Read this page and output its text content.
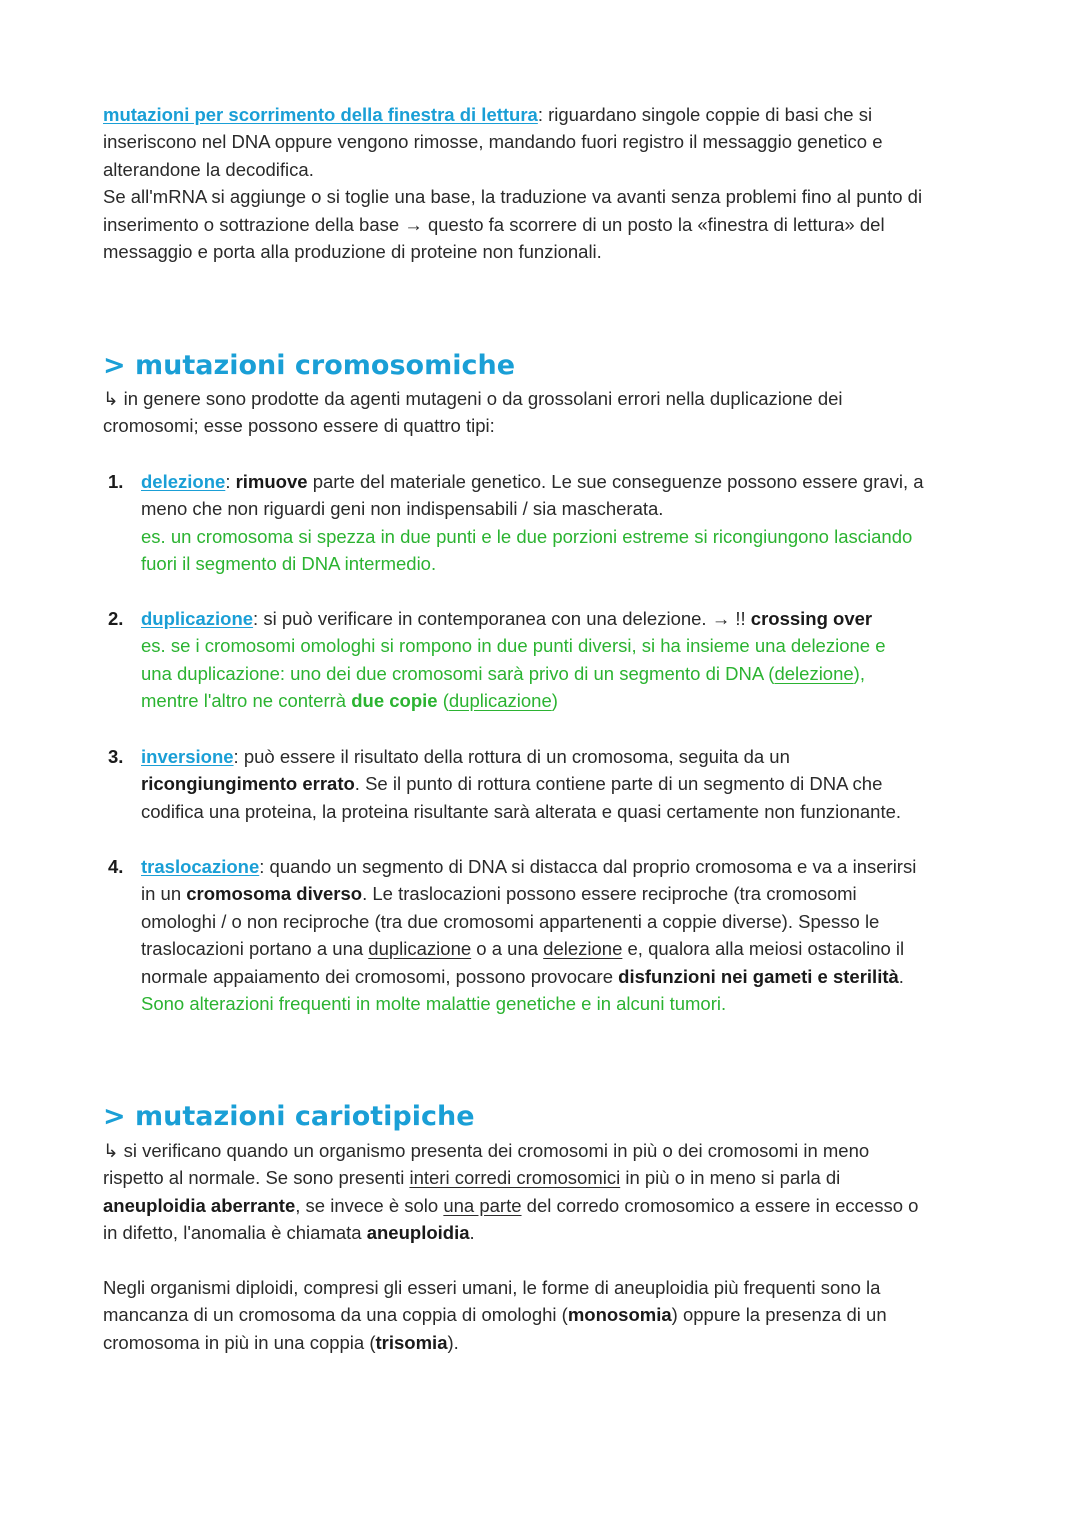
mutazioni per scorrimento della finestra di lettura: riguardano singole coppie di basi che si
inseriscono nel DNA oppure vengono rimosse, mandando fuori registro il messaggio genetico e
alterandone la decodifica.
Se all'mRNA si aggiunge o si toglie una base, la traduzione va avanti senza problemi fino al punto di
inserimento o sottrazione della base → questo fa scorrere di un posto la «finestra di lettura» del
messaggio e porta alla produzione di proteine non funzionali.
> mutazioni cromosomiche
↳ in genere sono prodotte da agenti mutageni o da grossolani errori nella duplicazione dei
cromosomi; esse possono essere di quattro tipi:
1. delezione: rimuove parte del materiale genetico. Le sue conseguenze possono essere gravi, a
meno che non riguardi geni non indispensabili / sia mascherata.
es. un cromosoma si spezza in due punti e le due porzioni estreme si ricongiungono lasciando
fuori il segmento di DNA intermedio.
2. duplicazione: si può verificare in contemporanea con una delezione. → !! crossing over
es. se i cromosomi omologhi si rompono in due punti diversi, si ha insieme una delezione e
una duplicazione: uno dei due cromosomi sarà privo di un segmento di DNA (delezione),
mentre l'altro ne conterrà due copie (duplicazione)
3. inversione: può essere il risultato della rottura di un cromosoma, seguita da un
ricongiungimento errato. Se il punto di rottura contiene parte di un segmento di DNA che
codifica una proteina, la proteina risultante sarà alterata e quasi certamente non funzionante.
4. traslocazione: quando un segmento di DNA si distacca dal proprio cromosoma e va a inserirsi
in un cromosoma diverso. Le traslocazioni possono essere reciproche (tra cromosomi
omologhi / o non reciproche (tra due cromosomi appartenenti a coppie diverse). Spesso le
traslocazioni portano a una duplicazione o a una delezione e, qualora alla meiosi ostacolino il
normale appaiamento dei cromosomi, possono provocare disfunzioni nei gameti e sterilità.
Sono alterazioni frequenti in molte malattie genetiche e in alcuni tumori.
> mutazioni cariotipiche
↳ si verificano quando un organismo presenta dei cromosomi in più o dei cromosomi in meno
rispetto al normale. Se sono presenti interi corredi cromosomici in più o in meno si parla di
aneuploidia aberrante, se invece è solo una parte del corredo cromosomico a essere in eccesso o
in difetto, l'anomalia è chiamata aneuploidia.
Negli organismi diploidi, compresi gli esseri umani, le forme di aneuploidia più frequenti sono la
mancanza di un cromosoma da una coppia di omologhi (monosomia) oppure la presenza di un
cromosoma in più in una coppia (trisomia).
